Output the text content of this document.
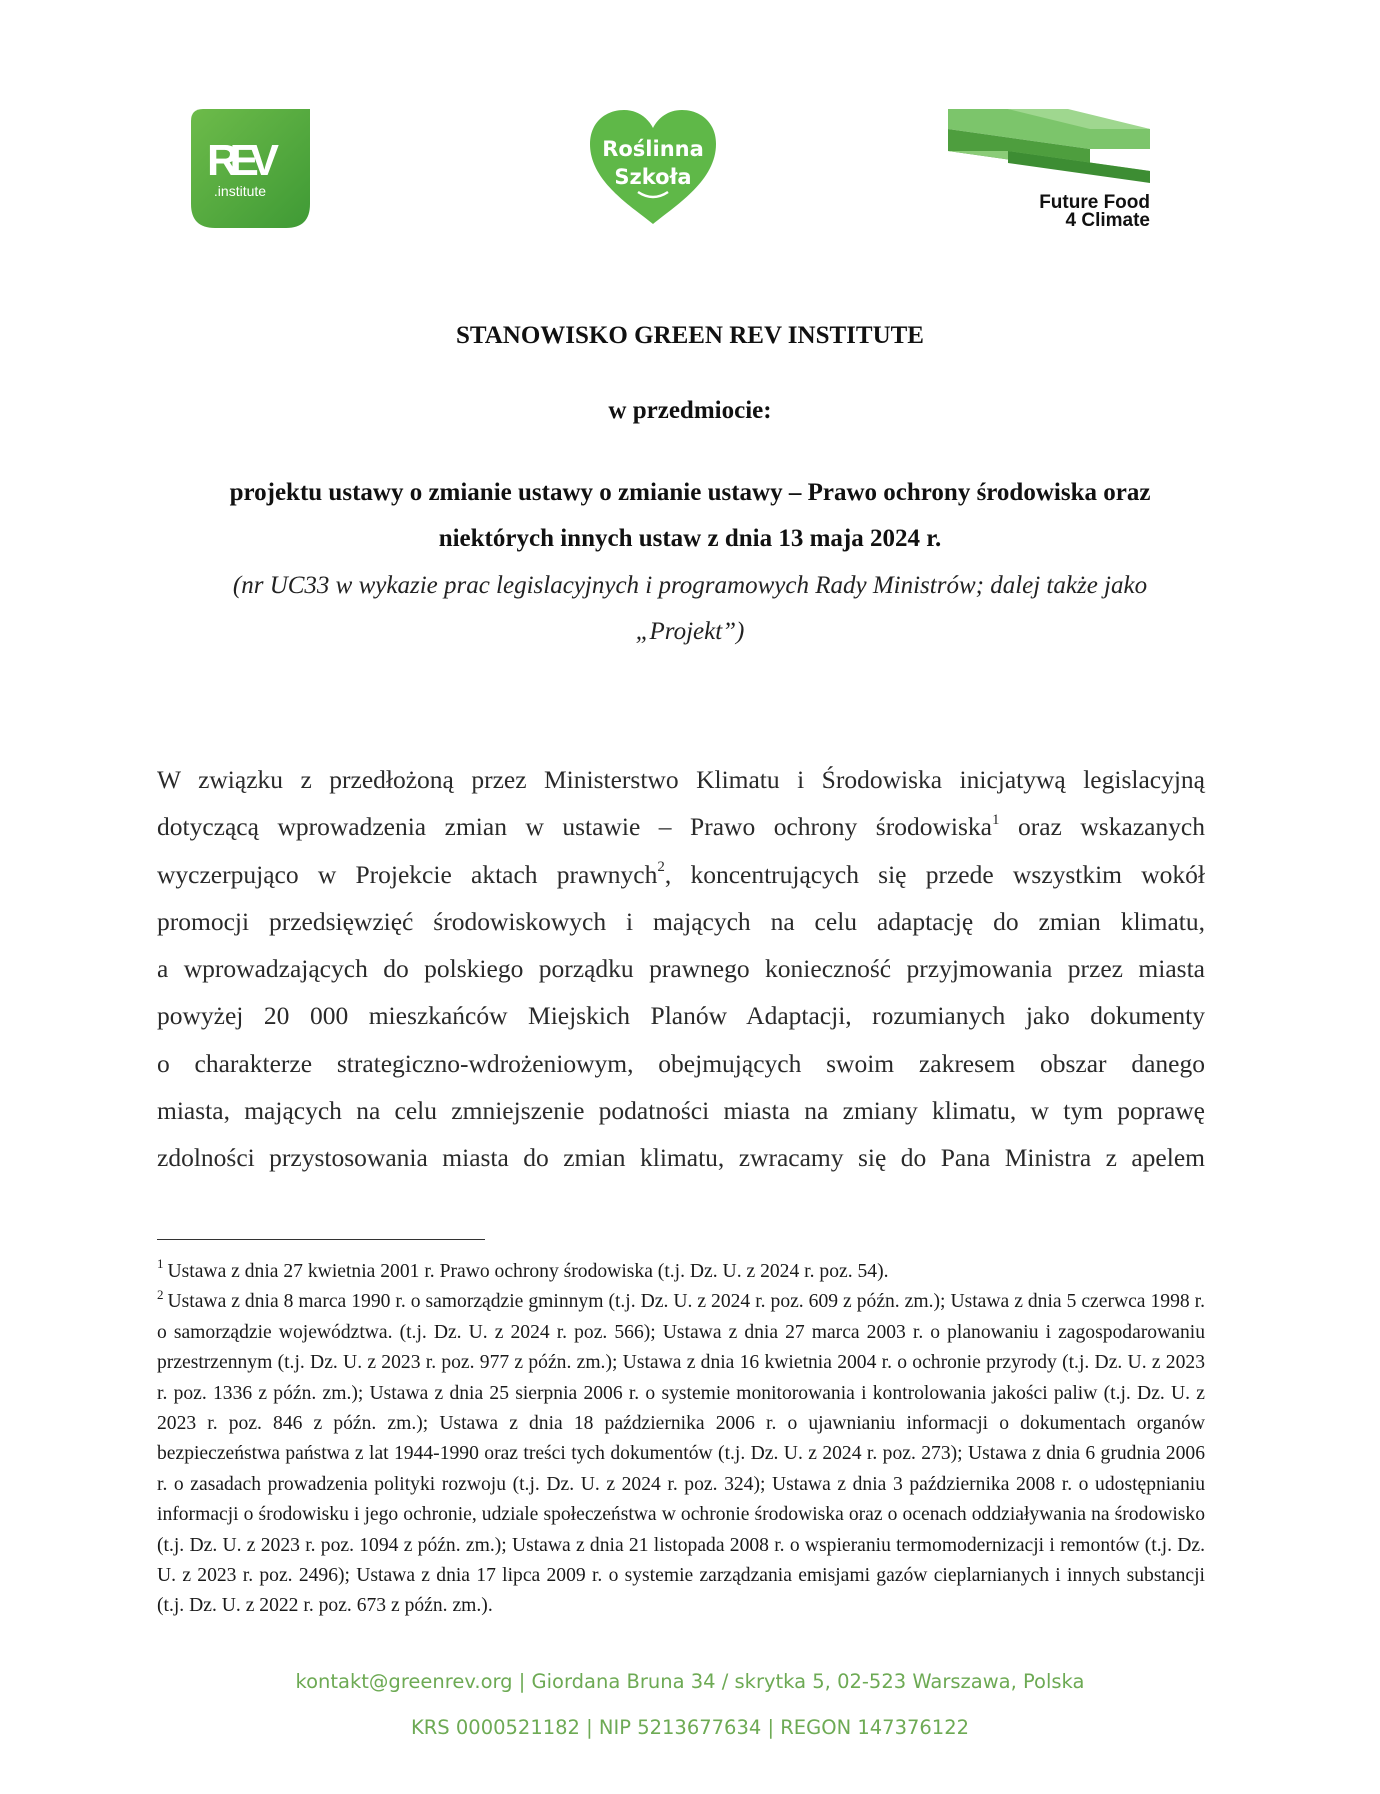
REV
.institute
Roślinna
Szkoła
Future Food
4 Climate
STANOWISKO GREEN REV INSTITUTE
w przedmiocie:
projektu ustawy o zmianie ustawy o zmianie ustawy – Prawo ochrony środowiska oraz
niektórych innych ustaw z dnia 13 maja 2024 r.
(nr UC33 w wykazie prac legislacyjnych i programowych Rady Ministrów; dalej także jako
„Projekt”)
W związku z przedłożoną przez Ministerstwo Klimatu i Środowiska inicjatywą legislacyjną
dotyczącą wprowadzenia zmian w ustawie – Prawo ochrony środowiska$^1$ oraz wskazanych
wyczerpująco w Projekcie aktach prawnych$^2$, koncentrujących się przede wszystkim wokół
promocji przedsięwzięć środowiskowych i mających na celu adaptację do zmian klimatu,
a wprowadzających do polskiego porządku prawnego konieczność przyjmowania przez miasta
powyżej 20 000 mieszkańców Miejskich Planów Adaptacji, rozumianych jako dokumenty
o charakterze strategiczno-wdrożeniowym, obejmujących swoim zakresem obszar danego
miasta, mających na celu zmniejszenie podatności miasta na zmiany klimatu, w tym poprawę
zdolności przystosowania miasta do zmian klimatu, zwracamy się do Pana Ministra z apelem
$^1$ Ustawa z dnia 27 kwietnia 2001 r. Prawo ochrony środowiska (t.j. Dz. U. z 2024 r. poz. 54).
$^2$ Ustawa z dnia 8 marca 1990 r. o samorządzie gminnym (t.j. Dz. U. z 2024 r. poz. 609 z późn. zm.); Ustawa z dnia 5 czerwca 1998 r. o samorządzie województwa. (t.j. Dz. U. z 2024 r. poz. 566); Ustawa z dnia 27 marca 2003 r. o planowaniu i zagospodarowaniu przestrzennym (t.j. Dz. U. z 2023 r. poz. 977 z późn. zm.); Ustawa z dnia 16 kwietnia 2004 r. o ochronie przyrody (t.j. Dz. U. z 2023 r. poz. 1336 z późn. zm.); Ustawa z dnia 25 sierpnia 2006 r. o systemie monitorowania i kontrolowania jakości paliw (t.j. Dz. U. z 2023 r. poz. 846 z późn. zm.); Ustawa z dnia 18 października 2006 r. o ujawnianiu informacji o dokumentach organów bezpieczeństwa państwa z lat 1944-1990 oraz treści tych dokumentów (t.j. Dz. U. z 2024 r. poz. 273); Ustawa z dnia 6 grudnia 2006 r. o zasadach prowadzenia polityki rozwoju (t.j. Dz. U. z 2024 r. poz. 324); Ustawa z dnia 3 października 2008 r. o udostępnianiu informacji o środowisku i jego ochronie, udziale społeczeństwa w ochronie środowiska oraz o ocenach oddziaływania na środowisko (t.j. Dz. U. z 2023 r. poz. 1094 z późn. zm.); Ustawa z dnia 21 listopada 2008 r. o wspieraniu termomodernizacji i remontów (t.j. Dz. U. z 2023 r. poz. 2496); Ustawa z dnia 17 lipca 2009 r. o systemie zarządzania emisjami gazów cieplarnianych i innych substancji (t.j. Dz. U. z 2022 r. poz. 673 z późn. zm.).
kontakt@greenrev.org | Giordana Bruna 34 / skrytka 5, 02-523 Warszawa, Polska
KRS 0000521182 | NIP 5213677634 | REGON 147376122
